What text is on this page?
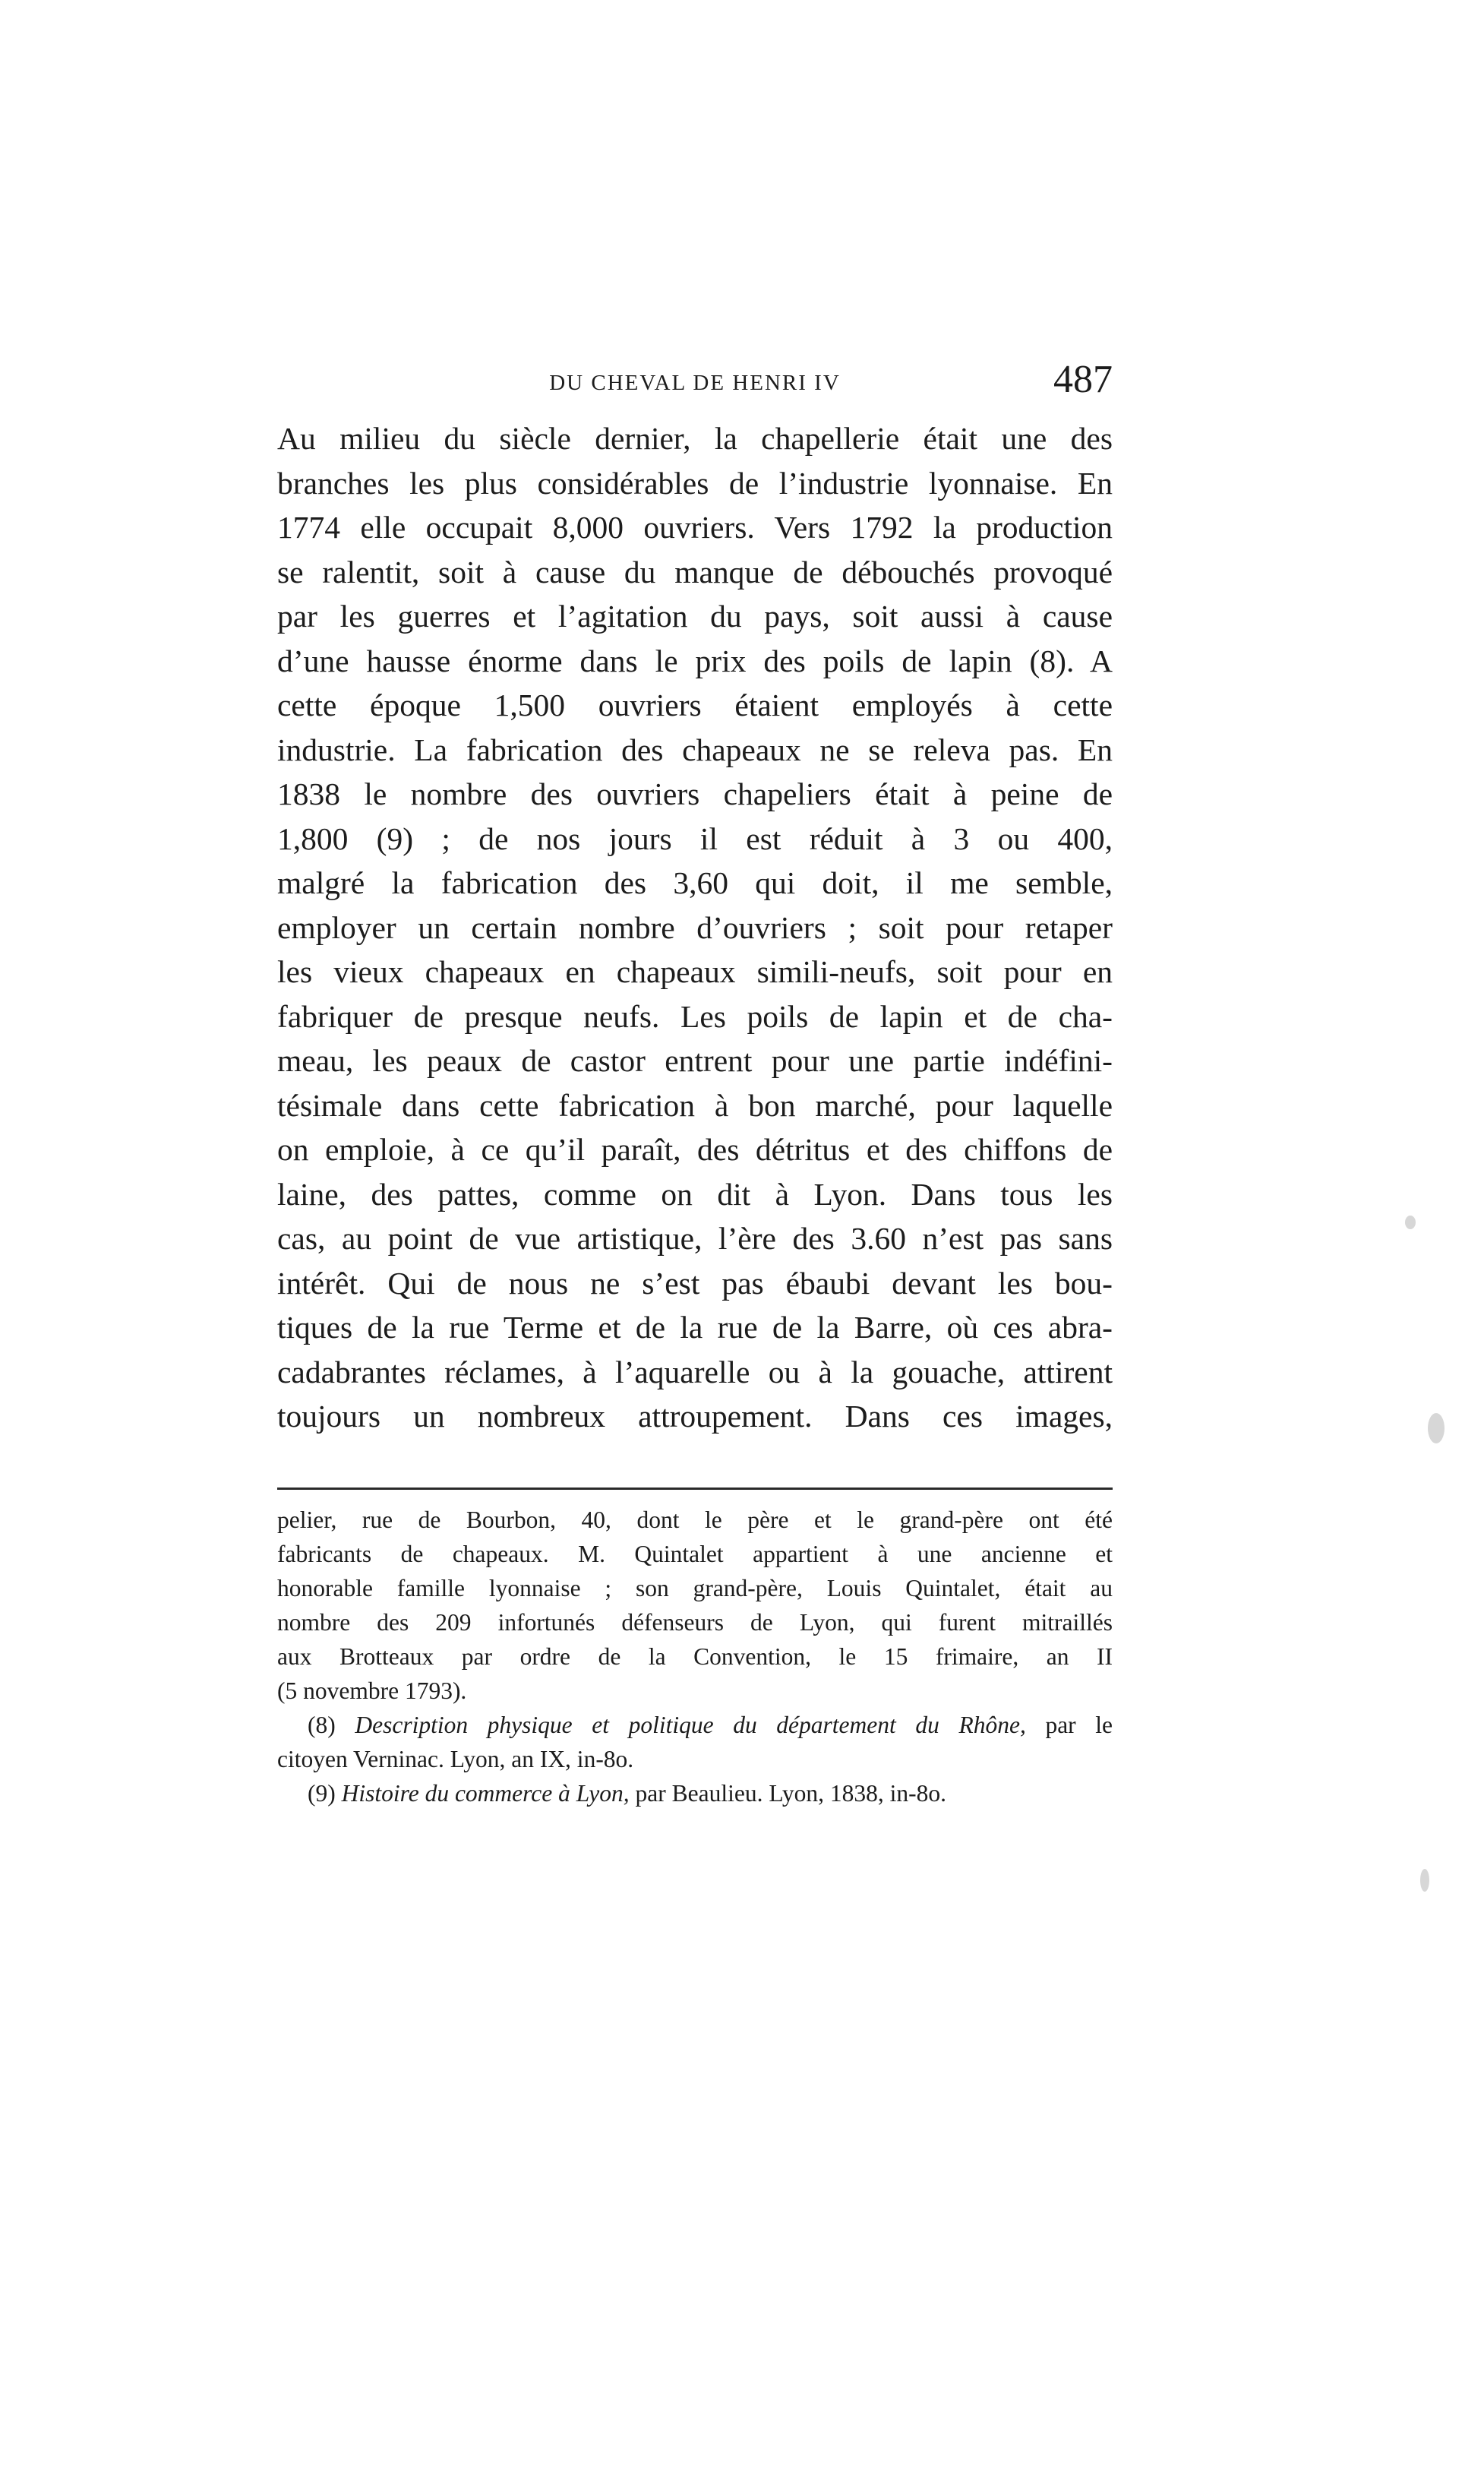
DU CHEVAL DE HENRI IV	487
Au milieu du siècle dernier, la chapellerie était une des
branches les plus considérables de l’industrie lyonnaise. En
1774 elle occupait 8,000 ouvriers. Vers 1792 la production
se ralentit, soit à cause du manque de débouchés provoqué
par les guerres et l’agitation du pays, soit aussi à cause
d’une hausse énorme dans le prix des poils de lapin (8). A
cette époque 1,500 ouvriers étaient employés à cette
industrie. La fabrication des chapeaux ne se releva pas. En
1838 le nombre des ouvriers chapeliers était à peine de
1,800 (9) ; de nos jours il est réduit à 3 ou 400,
malgré la fabrication des 3,60 qui doit, il me semble,
employer un certain nombre d’ouvriers ; soit pour retaper
les vieux chapeaux en chapeaux simili-neufs, soit pour en
fabriquer de presque neufs. Les poils de lapin et de cha-
meau, les peaux de castor entrent pour une partie indéfini-
tésimale dans cette fabrication à bon marché, pour laquelle
on emploie, à ce qu’il paraît, des détritus et des chiffons de
laine, des pattes, comme on dit à Lyon. Dans tous les
cas, au point de vue artistique, l’ère des 3.60 n’est pas sans
intérêt. Qui de nous ne s’est pas ébaubi devant les bou-
tiques de la rue Terme et de la rue de la Barre, où ces abra-
cadabrantes réclames, à l’aquarelle ou à la gouache, attirent
toujours un nombreux attroupement. Dans ces images,
pelier, rue de Bourbon, 40, dont le père et le grand-père ont été
fabricants de chapeaux. M. Quintalet appartient à une ancienne et
honorable famille lyonnaise ; son grand-père, Louis Quintalet, était au
nombre des 209 infortunés défenseurs de Lyon, qui furent mitraillés
aux Brotteaux par ordre de la Convention, le 15 frimaire, an II
(5 novembre 1793).
(8) Description physique et politique du département du Rhône, par le
citoyen Verninac. Lyon, an IX, in-8o.
(9) Histoire du commerce à Lyon, par Beaulieu. Lyon, 1838, in-8o.
